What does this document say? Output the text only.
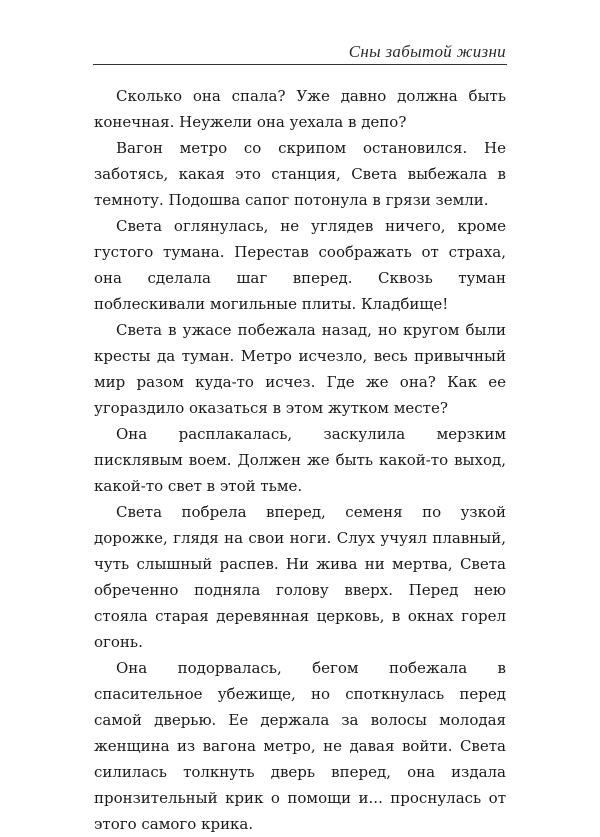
Сны забытой жизни

Сколько она спала? Уже давно должна быть конечная. Неужели она уехала в депо?

Вагон метро со скрипом остановился. Не заботясь, какая это станция, Света выбежала в темноту. Подошва сапог потонула в грязи земли.

Света оглянулась, не углядев ничего, кроме густого тумана. Перестав соображать от страха, она сделала шаг вперед. Сквозь туман поблескивали могильные плиты. Кладбище!

Света в ужасе побежала назад, но кругом были кресты да туман. Метро исчезло, весь привычный мир разом куда-то исчез. Где же она? Как ее угораздило оказаться в этом жутком месте?

Она расплакалась, заскулила мерзким писклявым воем. Должен же быть какой-то выход, какой-то свет в этой тьме.

Света побрела вперед, семеня по узкой дорожке, глядя на свои ноги. Слух учуял плавный, чуть слышный распев. Ни жива ни мертва, Света обреченно подняла голову вверх. Перед нею стояла старая деревянная церковь, в окнах горел огонь.

Она подорвалась, бегом побежала в спасительное убежище, но споткнулась перед самой дверью. Ее держала за волосы молодая женщина из вагона метро, не давая войти. Света силилась толкнуть дверь вперед, она издала пронзительный крик о помощи и... проснулась от этого самого крика.
